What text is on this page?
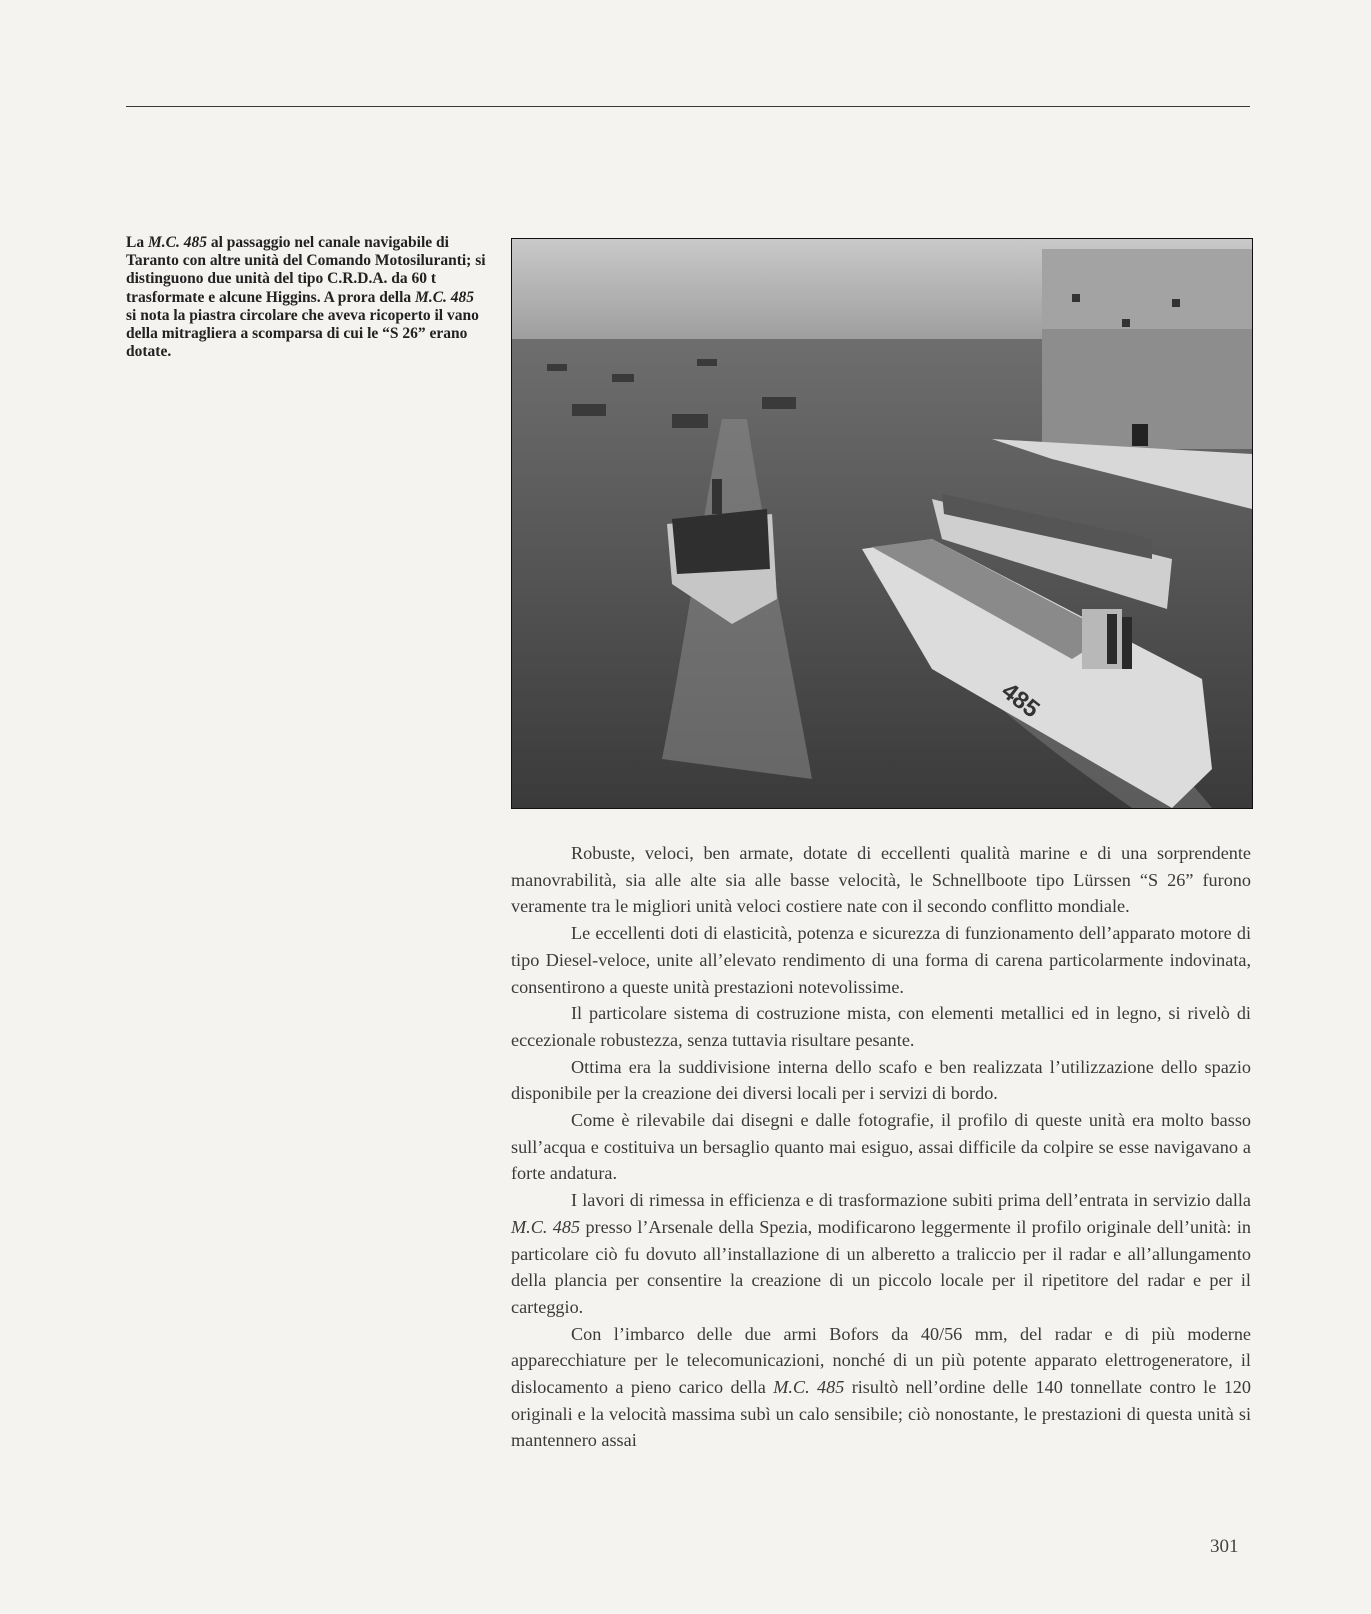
La M.C. 485 al passaggio nel canale navigabile di Taranto con altre unità del Comando Motosiluranti; si distinguono due unità del tipo C.R.D.A. da 60 t trasformate e alcune Higgins. A prora della M.C. 485 si nota la piastra circolare che aveva ricoperto il vano della mitragliera a scomparsa di cui le “S 26” erano dotate.

485

Robuste, veloci, ben armate, dotate di eccellenti qualità marine e di una sorprendente manovrabilità, sia alle alte sia alle basse velocità, le Schnellboote tipo Lürssen “S 26” furono veramente tra le migliori unità veloci costiere nate con il secondo conflitto mondiale.

Le eccellenti doti di elasticità, potenza e sicurezza di funzionamento dell’apparato motore di tipo Diesel-veloce, unite all’elevato rendimento di una forma di carena particolarmente indovinata, consentirono a queste unità prestazioni notevolissime.

Il particolare sistema di costruzione mista, con elementi metallici ed in legno, si rivelò di eccezionale robustezza, senza tuttavia risultare pesante.

Ottima era la suddivisione interna dello scafo e ben realizzata l’utilizzazione dello spazio disponibile per la creazione dei diversi locali per i servizi di bordo.

Come è rilevabile dai disegni e dalle fotografie, il profilo di queste unità era molto basso sull’acqua e costituiva un bersaglio quanto mai esiguo, assai difficile da colpire se esse navigavano a forte andatura.

I lavori di rimessa in efficienza e di trasformazione subiti prima dell’entrata in servizio dalla M.C. 485 presso l’Arsenale della Spezia, modificarono leggermente il profilo originale dell’unità: in particolare ciò fu dovuto all’installazione di un alberetto a traliccio per il radar e all’allungamento della plancia per consentire la creazione di un piccolo locale per il ripetitore del radar e per il carteggio.

Con l’imbarco delle due armi Bofors da 40/56 mm, del radar e di più moderne apparecchiature per le telecomunicazioni, nonché di un più potente apparato elettrogeneratore, il dislocamento a pieno carico della M.C. 485 risultò nell’ordine delle 140 tonnellate contro le 120 originali e la velocità massima subì un calo sensibile; ciò nonostante, le prestazioni di questa unità si mantennero assai

301
